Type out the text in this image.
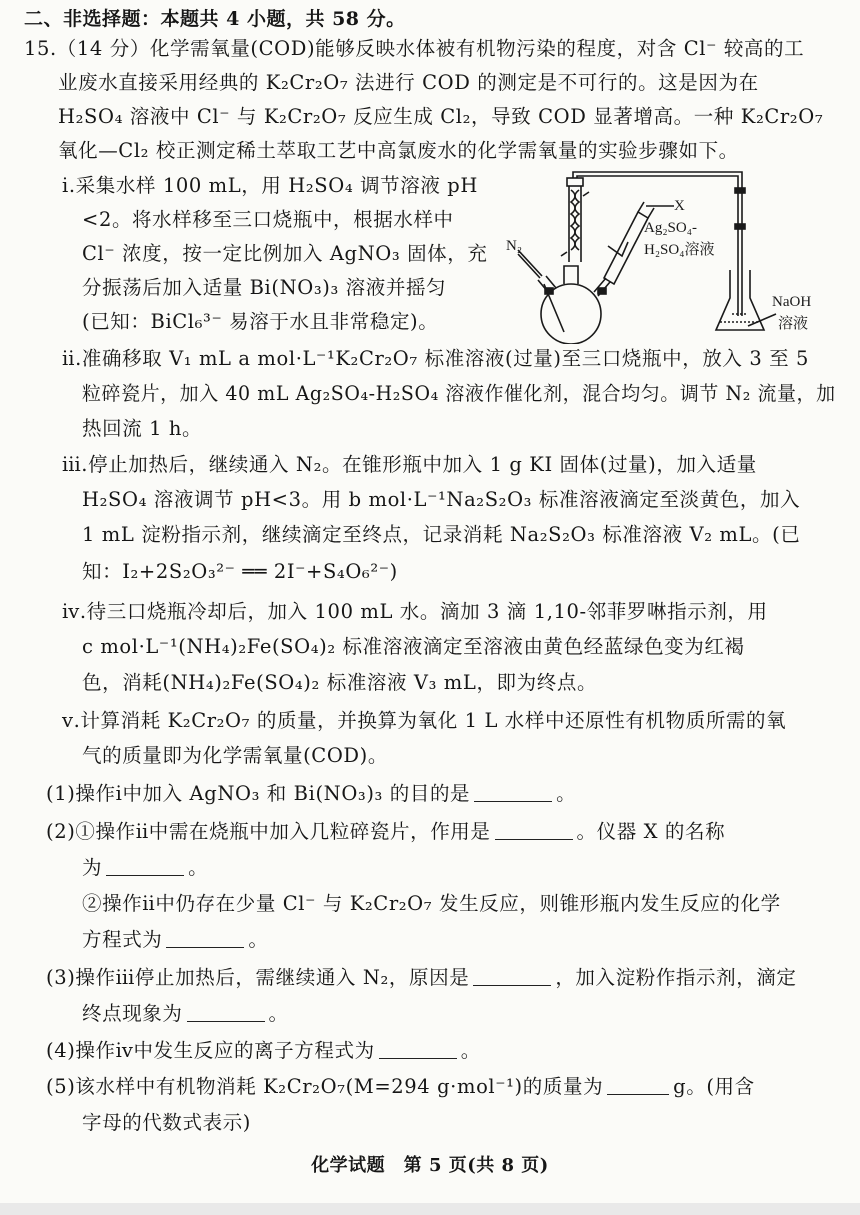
二、非选择题：本题共 4 小题，共 58 分。
15.（14 分）化学需氧量(COD)能够反映水体被有机物污染的程度，对含 Cl⁻ 较高的工
业废水直接采用经典的 K₂Cr₂O₇ 法进行 COD 的测定是不可行的。这是因为在
H₂SO₄ 溶液中 Cl⁻ 与 K₂Cr₂O₇ 反应生成 Cl₂，导致 COD 显著增高。一种 K₂Cr₂O₇
氧化—Cl₂ 校正测定稀土萃取工艺中高氯废水的化学需氧量的实验步骤如下。
ⅰ.采集水样 100 mL，用 H₂SO₄ 调节溶液 pH
<2。将水样移至三口烧瓶中，根据水样中
Cl⁻ 浓度，按一定比例加入 AgNO₃ 固体，充
分振荡后加入适量 Bi(NO₃)₃ 溶液并摇匀
(已知：BiCl₆³⁻ 易溶于水且非常稳定)。
X
N₂
Ag₂SO₄-
H₂SO₄溶液
NaOH
溶液
ⅱ.准确移取 V₁ mL a mol·L⁻¹K₂Cr₂O₇ 标准溶液(过量)至三口烧瓶中，放入 3 至 5
粒碎瓷片，加入 40 mL Ag₂SO₄-H₂SO₄ 溶液作催化剂，混合均匀。调节 N₂ 流量，加
热回流 1 h。
ⅲ.停止加热后，继续通入 N₂。在锥形瓶中加入 1 g KI 固体(过量)，加入适量
H₂SO₄ 溶液调节 pH<3。用 b mol·L⁻¹Na₂S₂O₃ 标准溶液滴定至淡黄色，加入
1 mL 淀粉指示剂，继续滴定至终点，记录消耗 Na₂S₂O₃ 标准溶液 V₂ mL。(已
知：I₂+2S₂O₃²⁻ ══ 2I⁻+S₄O₆²⁻)
ⅳ.待三口烧瓶冷却后，加入 100 mL 水。滴加 3 滴 1,10-邻菲罗啉指示剂，用
c mol·L⁻¹(NH₄)₂Fe(SO₄)₂ 标准溶液滴定至溶液由黄色经蓝绿色变为红褐
色，消耗(NH₄)₂Fe(SO₄)₂ 标准溶液 V₃ mL，即为终点。
ⅴ.计算消耗 K₂Cr₂O₇ 的质量，并换算为氧化 1 L 水样中还原性有机物质所需的氧
气的质量即为化学需氧量(COD)。
(1)操作ⅰ中加入 AgNO₃ 和 Bi(NO₃)₃ 的目的是	。
(2)①操作ⅱ中需在烧瓶中加入几粒碎瓷片，作用是	。仪器 X 的名称
为	。
②操作ⅱ中仍存在少量 Cl⁻ 与 K₂Cr₂O₇ 发生反应，则锥形瓶内发生反应的化学
方程式为	。
(3)操作ⅲ停止加热后，需继续通入 N₂，原因是	，加入淀粉作指示剂，滴定
终点现象为	。
(4)操作ⅳ中发生反应的离子方程式为	。
(5)该水样中有机物消耗 K₂Cr₂O₇(M=294 g·mol⁻¹)的质量为	g。(用含
字母的代数式表示)
化学试题　第 5 页(共 8 页)
